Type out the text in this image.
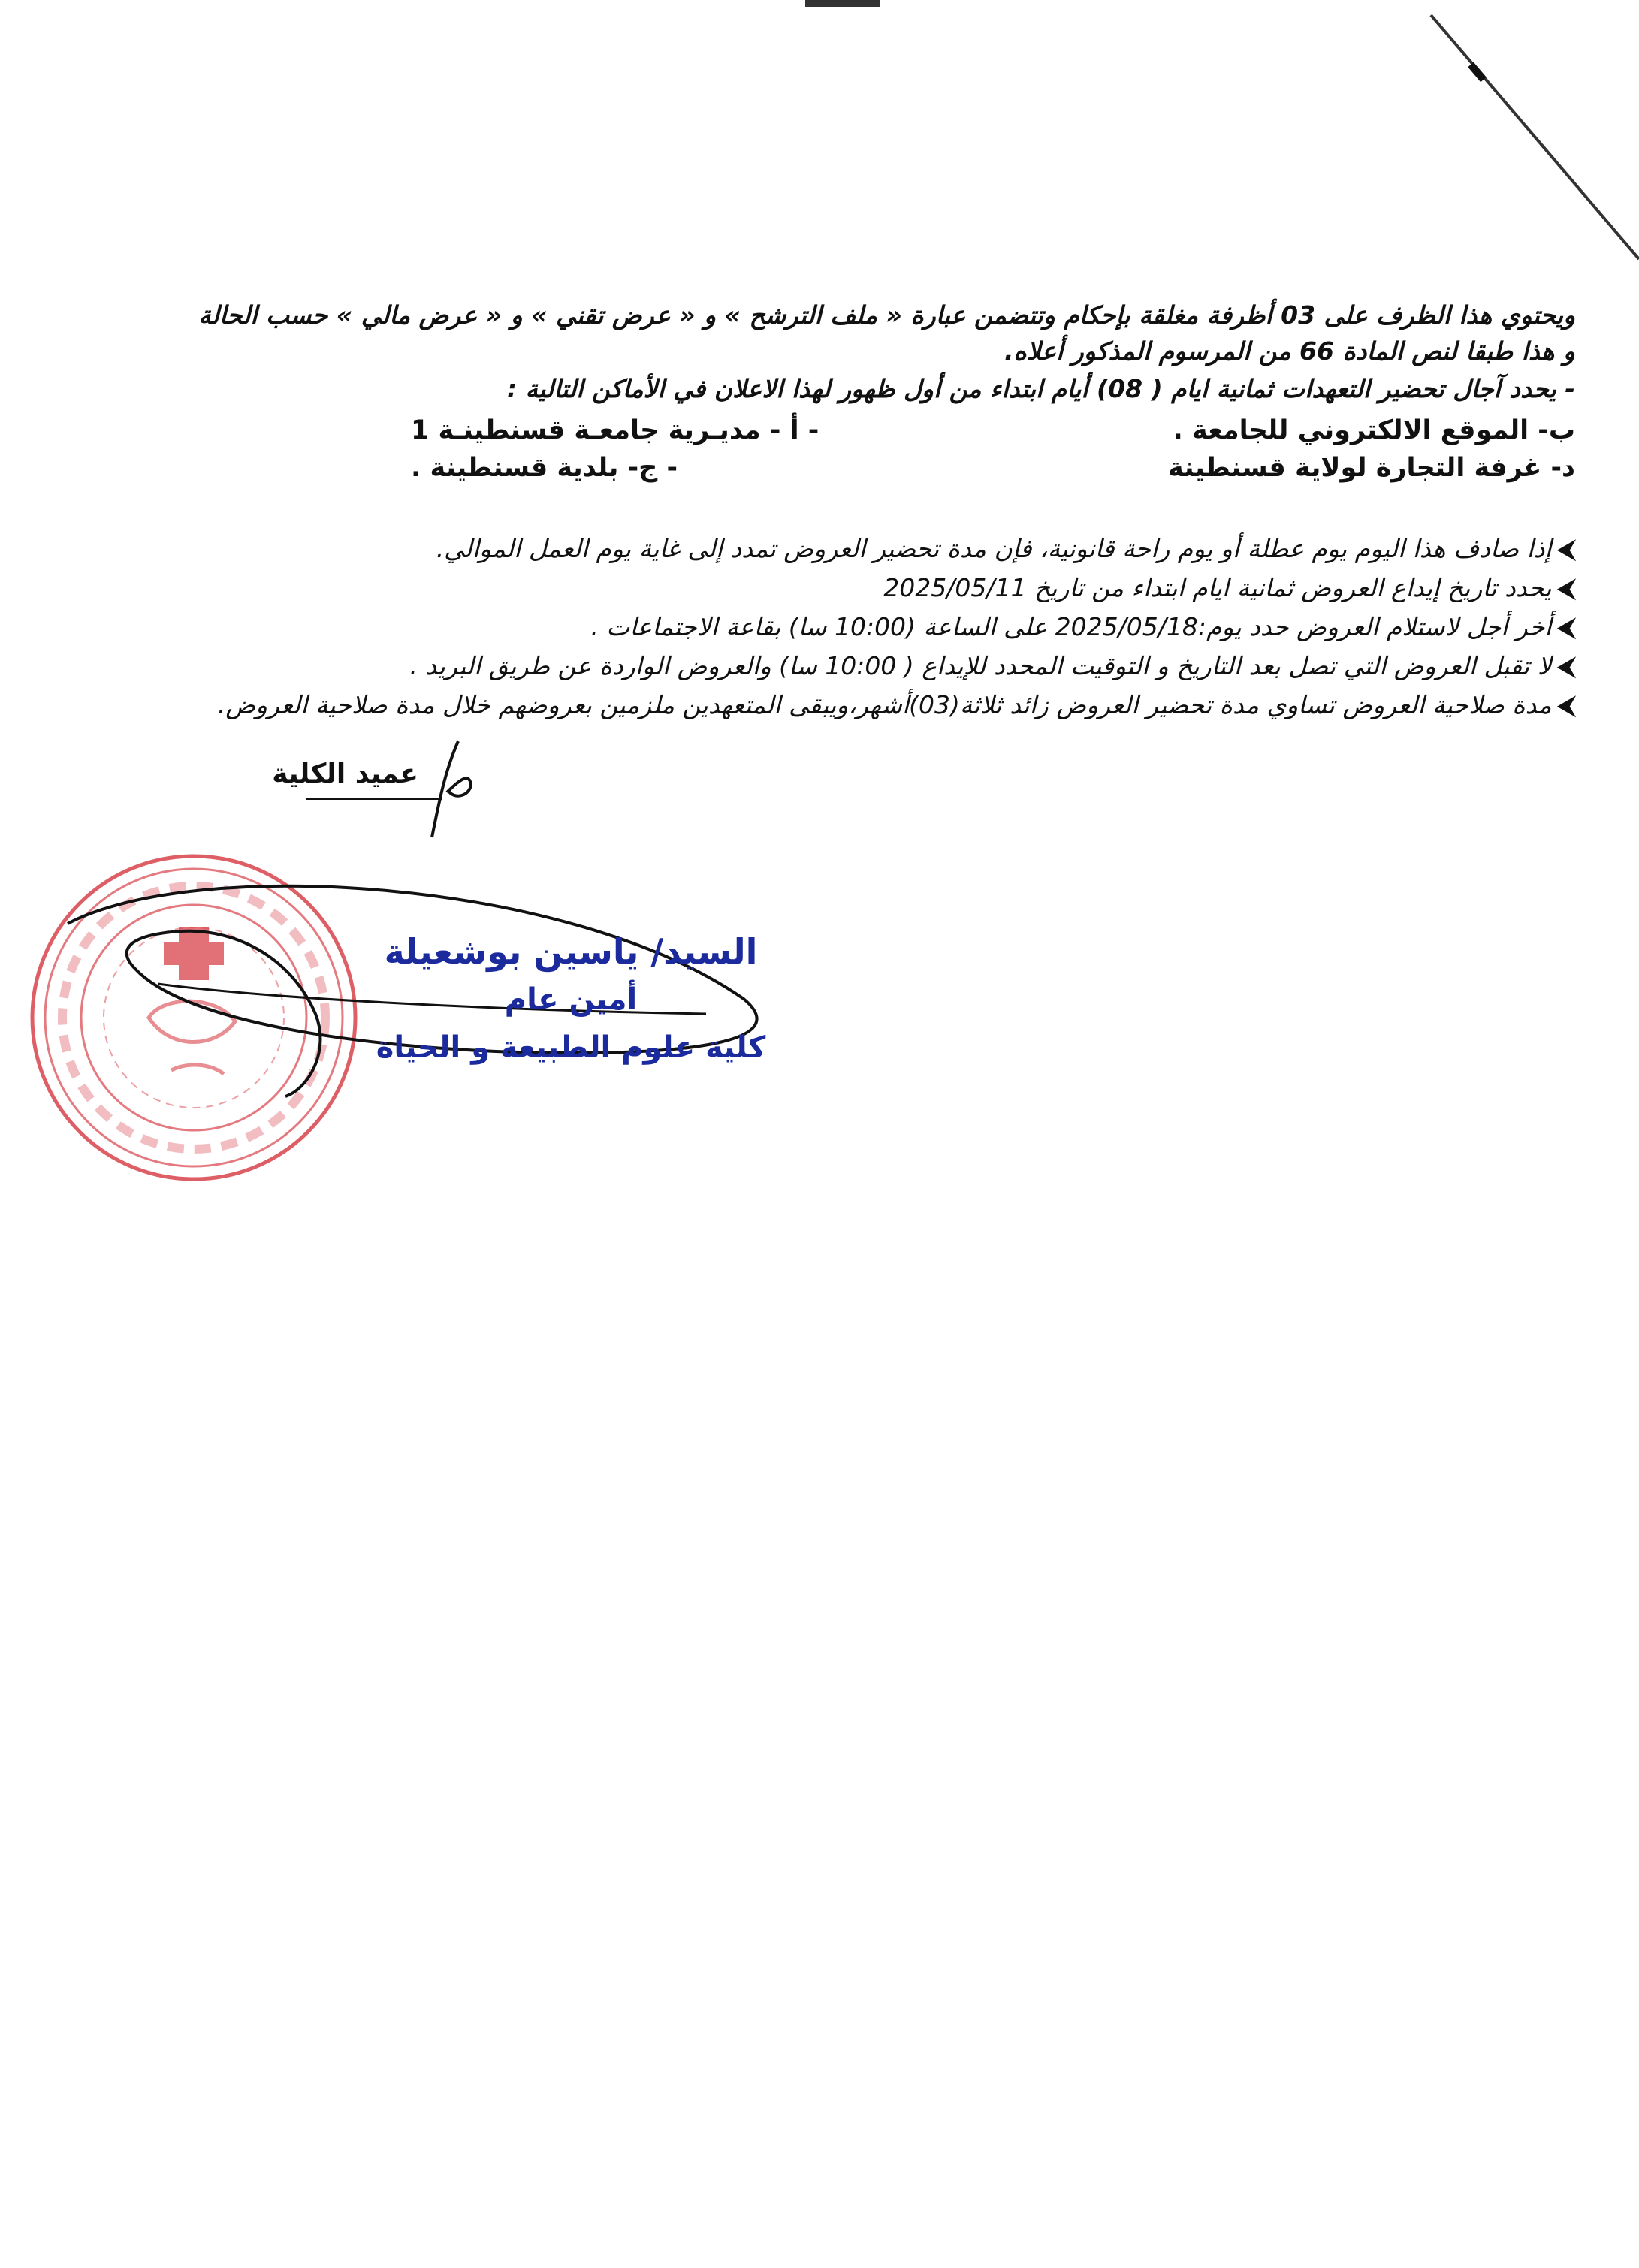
ويحتوي هذا الظرف على 03 أظرفة مغلقة بإحكام وتتضمن عبارة « ملف الترشح » و « عرض تقني » و « عرض مالي » حسب الحالة
و هذا طبقا لنص المادة 66 من المرسوم المذكور أعلاه.
- يحدد آجال تحضير التعهدات ثمانية ايام ( 08) أيام ابتداء من أول ظهور لهذا الاعلان في الأماكن التالية :
- أ - مديـرية جامعـة قسنطينـة 1	ب- الموقع الالكتروني للجامعة .
- ج- بلدية قسنطينة .	د- غرفة التجارة لولاية قسنطينة
⮜إذا صادف هذا اليوم يوم عطلة أو يوم راحة قانونية، فإن مدة تحضير العروض تمدد إلى غاية يوم العمل الموالي.
⮜يحدد تاريخ إيداع العروض ثمانية ايام ابتداء من تاريخ 2025/05/11
⮜أخر أجل لاستلام العروض حدد يوم:2025/05/18 على الساعة (10:00 سا) بقاعة الاجتماعات .
⮜لا تقبل العروض التي تصل بعد التاريخ و التوقيت المحدد للإيداع ( 10:00 سا) والعروض الواردة عن طريق البريد .
⮜مدة صلاحية العروض تساوي مدة تحضير العروض زائد ثلاثة(03)أشهر،ويبقى المتعهدين ملزمين بعروضهم خلال مدة صلاحية العروض.
عميد الكلية
السيد/ ياسين بوشعيلة
أمين عام
كلية علوم الطبيعة و الحياة
